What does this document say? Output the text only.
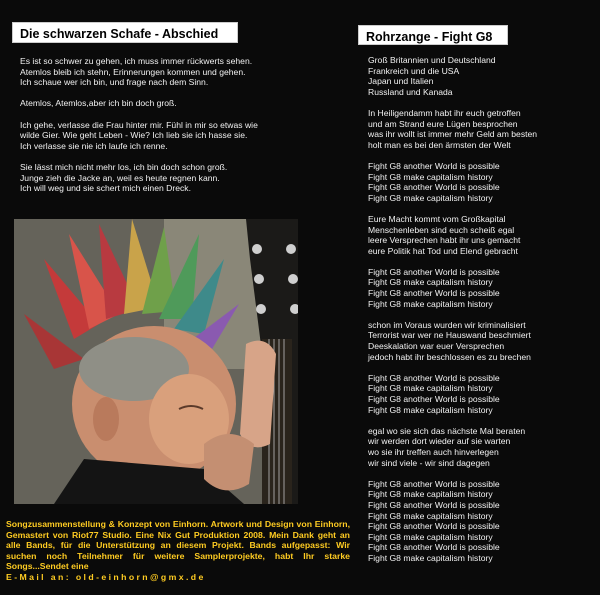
Die schwarzen Schafe - Abschied
Es ist so schwer zu gehen, ich muss immer rückwerts sehen.
Atemlos bleib ich stehn, Erinnerungen kommen und gehen.
Ich schaue wer ich bin, und frage nach dem Sinn.

Atemlos, Atemlos,aber ich bin doch groß.

Ich gehe, verlasse die Frau hinter mir. Fühl in mir so etwas wie
wilde Gier. Wie geht Leben - Wie? Ich lieb sie ich hasse sie.
Ich verlasse sie nie ich laufe ich renne.

Sie lässt mich nicht mehr los, ich bin doch schon groß.
Junge zieh die Jacke an, weil es heute regnen kann.
Ich will weg und sie schert mich einen Dreck.
Songzusammenstellung & Konzept von Einhorn. Artwork und Design von Einhorn, Gemastert von Riot77 Studio. Eine Nix Gut Produktion 2008. Mein Dank geht an alle Bands, für die Unterstützung an diesem Projekt. Bands aufgepasst: Wir suchen noch Teilnehmer für weitere Samplerprojekte, habt Ihr starke Songs...Sendet eine
E-Mail an: old-einhorn@gmx.de
Rohrzange - Fight G8
Groß Britannien und Deutschland
Frankreich und die USA
Japan und Italien
Russland und Kanada

In Heiligendamm habt ihr euch getroffen
und am Strand eure Lügen besprochen
was ihr wollt ist immer mehr Geld am besten
holt man es bei den ärmsten der Welt

Fight G8 another World is possible
Fight G8 make capitalism history
Fight G8 another World is possible
Fight G8 make capitalism history

Eure Macht kommt vom Großkapital
Menschenleben sind euch scheiß egal
leere Versprechen habt ihr uns gemacht
eure Politik hat Tod und Elend gebracht

Fight G8 another World is possible
Fight G8 make capitalism history
Fight G8 another World is possible
Fight G8 make capitalism history

schon im Voraus wurden wir kriminalisiert
Terrorist war wer ne Hauswand beschmiert
Deeskalation war euer Versprechen
jedoch habt ihr beschlossen es zu brechen

Fight G8 another World is possible
Fight G8 make capitalism history
Fight G8 another World is possible
Fight G8 make capitalism history

egal wo sie sich das nächste Mal beraten
wir werden dort wieder auf sie warten
wo sie ihr treffen auch hinverlegen
wir sind viele - wir sind dagegen

Fight G8 another World is possible
Fight G8 make capitalism history
Fight G8 another World is possible
Fight G8 make capitalism history
Fight G8 another World is possible
Fight G8 make capitalism history
Fight G8 another World is possible
Fight G8 make capitalism history
